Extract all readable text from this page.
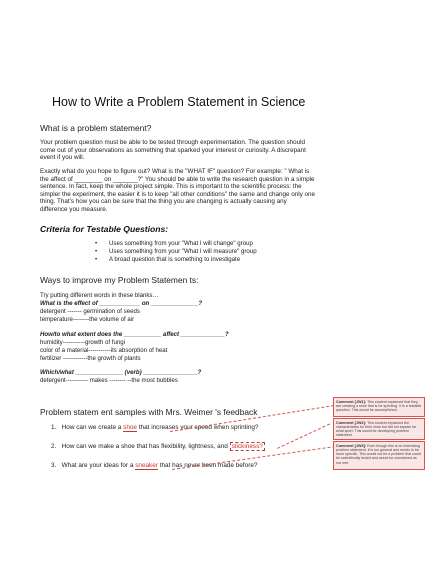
How to Write a Problem Statement in Science
What is a problem statement?
Your problem question must be able to be tested through experimentation. The question should come out of your observations as something that sparked your interest or curiosity. A discrepant event if you will.
Exactly what do you hope to figure out? What is the "WHAT IF" question? For example: " What is the affect of ________ on _______?" You should be able to write the research question in a simple sentence. In fact, keep the whole project simple. This is important to the scientific process: the simpler the experiment, the easier it is to keep "all other conditions" the same and change only one thing. That's how you can be sure that the thing you are changing is actually causing any difference you measure.
Criteria for Testable Questions:
• Uses something from your "What I will change" group
• Uses something from your "What I will measure" group
• A broad question that is something to investigate
Ways to improve my Problem Statemen ts:
Try putting different words in these blanks…
What is the effect of ____________ on ______________?
detergent ------- germination of seeds
temperature--------the volume of air
How/to what extent does the ___________ affect _____________?
humidity-----------growth of fungi
color of a material-----------its absorption of heat
fertilizer ------------the growth of plants
Which/what ______________ (verb) ________________?
detergent----------- makes -------- --the most bubbles
Problem statem ent samples with Mrs. Weimer 's feedback
1. How can we create a shoe that increases your speed when sprinting?
2. How can we make a shoe that has flexibility, lightness, and stickiness?
3. What are your ideas for a sneaker that has never been made before?
Comment [JW1]: This student explained that they are creating a shoe that is for sprinting. It is a testable question. This would be accomplished.
Comment [JW2]: This student explained the characteristics for their shoe but did not explain for what sport. This would be developing problem statement.
Comment [JW3]: Even though this is an interesting problem statement, it is too general and needs to be more specific. This would not be a problem that could be scientifically tested and would be considered as not met.
